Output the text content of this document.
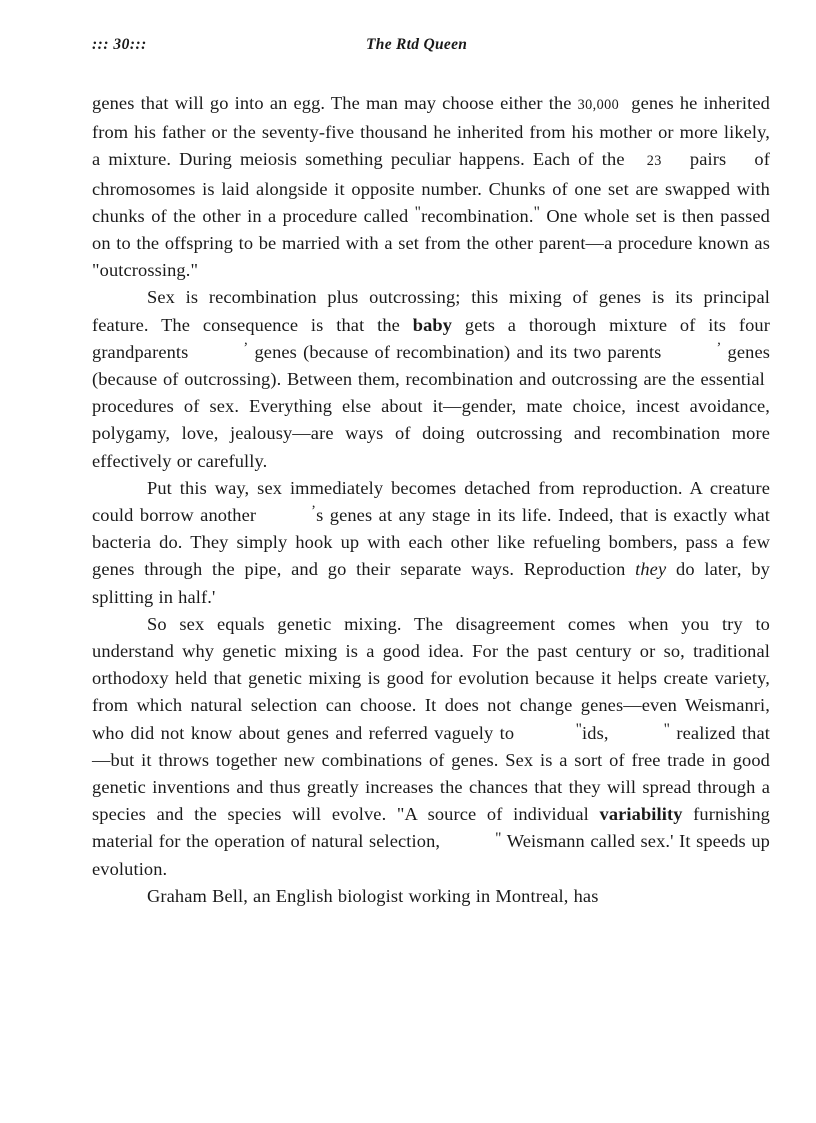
::: 30:::	The Rtd Queen

genes that will go into an egg. The man may choose either the 30,000  genes he inherited from his father or the seventy-five thousand he inherited from his mother or more likely, a mixture. During meiosis something peculiar happens. Each of the  23  pairs  of chromosomes is laid alongside it opposite number. Chunks of one set are swapped with chunks of the other in a procedure called "recombination." One whole set is then passed on to the offspring to be married with a set from the other parent—a procedure known as "outcrossing."

Sex is recombination plus outcrossing; this mixing of genes is its principal feature. The consequence is that the baby gets a thorough mixture of its four grandparents	’ genes (because of recombination) and its two parents	’ genes (because of outcrossing). Between them, recombination and outcrossing are the essential  procedures of sex. Everything else about it—gender, mate choice, incest avoidance, polygamy, love, jealousy—are ways of doing outcrossing and recombination more effectively or carefully.

Put this way, sex immediately becomes detached from reproduction. A creature could borrow another	’s genes at any stage in its life. Indeed, that is exactly what bacteria do. They simply hook up with each other like refueling bombers, pass a few genes through the pipe, and go their separate ways. Reproduction they do later, by splitting in half.'

So sex equals genetic mixing. The disagreement comes when you try to understand why genetic mixing is a good idea. For the past century or so, traditional orthodoxy held that genetic mixing is good for evolution because it helps create variety, from which natural selection can choose. It does not change genes—even Weismanri, who did not know about genes and referred vaguely to	"ids,	" realized that—but it throws together new combinations of genes. Sex is a sort of free trade in good genetic inventions and thus greatly increases the chances that they will spread through a species and the species will evolve. "A source of individual variability furnishing material for the operation of natural selection,	" Weismann called sex.' It speeds up evolution.

Graham Bell, an English biologist working in Montreal, has
